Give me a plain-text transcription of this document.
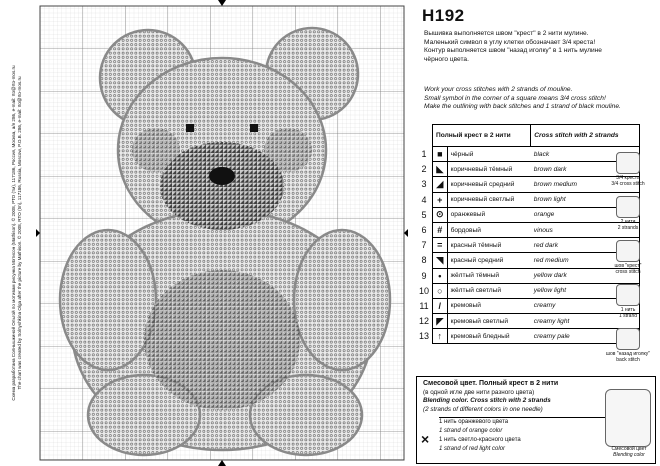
Схема разработана Солнышкиной Ольгой по мотивам рисунка Мэтисон (Mathison). © 2008, РТО (тм), 117186, Россия, Москва, а/я 286, e-mail: rto@rto-mos.ru The chart was created by Solnyshkina Olga after the picture by Mathison. © 2008, RTO (tm), 117186, Russia, Moscow, P.O.B. 286, e-mail: rto@rto-mos.ru
H192
Вышивка выполняется швом "крест" в 2 нити мулине.
Маленький символ в углу клетки обозначает 3/4 креста!
Контур выполняется швом "назад иголку" в 1 нить мулине
чёрного цвета.
Work your cross stitches with 2 strands of mouline.
Small symbol in the corner of a square means 3/4 cross stitch!
Make the outlining with back stitches and 1 strand of black mouline.
	Полный крест в 2 нити		Cross stitch with 2 strands
1	■	чёрный	black
2	◣	коричневый тёмный	brown dark
3	◢	коричневый средний	brown medium
4	+	коричневый светлый	brown light
5	⊙	оранжевый	orange
6	#	бордовый	vinous
7	=	красный тёмный	red dark
8	◥	красный средний	red medium
9	•	жёлтый тёмный	yellow dark
10	○	жёлтый светлый	yellow light
11	/	кремовый	creamy
12	◤	кремовый светлый	creamy light
13	↑	кремовый бледный	creamy pale
3/4 креста
3/4 cross stitch
2 нити
2 strands
шов "крест"
cross stitch
1 нить
1 strand
шов "назад иголку"
back stitch
Смесовой цвет. Полный крест в 2 нити
(в одной игле две нити разного цвета)
Blending color. Cross stitch with 2 strands
(2 strands of different colors in one needle)
×
1 нить оранжевого цвета
1 strand of orange color
1 нить светло-красного цвета
1 strand of red light color	Смесовой цвет
Blending color
